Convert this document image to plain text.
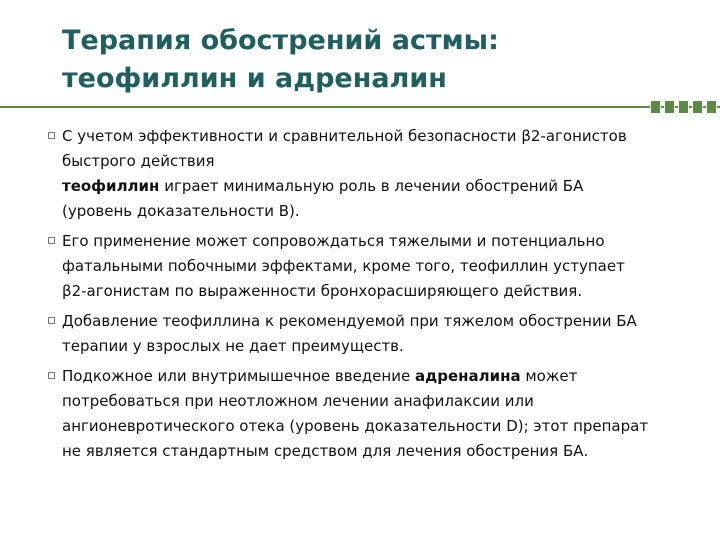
Терапия обострений астмы:
теофиллин и адреналин

С учетом эффективности и сравнительной безопасности β2-агонистов
быстрого действия
теофиллин играет минимальную роль в лечении обострений БА
(уровень доказательности B).

Его применение может сопровождаться тяжелыми и потенциально
фатальными побочными эффектами, кроме того, теофиллин уступает
β2-агонистам по выраженности бронхорасширяющего действия.

Добавление теофиллина к рекомендуемой при тяжелом обострении БА
терапии у взрослых не дает преимуществ.

Подкожное или внутримышечное введение адреналина может
потребоваться при неотложном лечении анафилаксии или
ангионевротического отека (уровень доказательности D); этот препарат
не является стандартным средством для лечения обострения БА.
